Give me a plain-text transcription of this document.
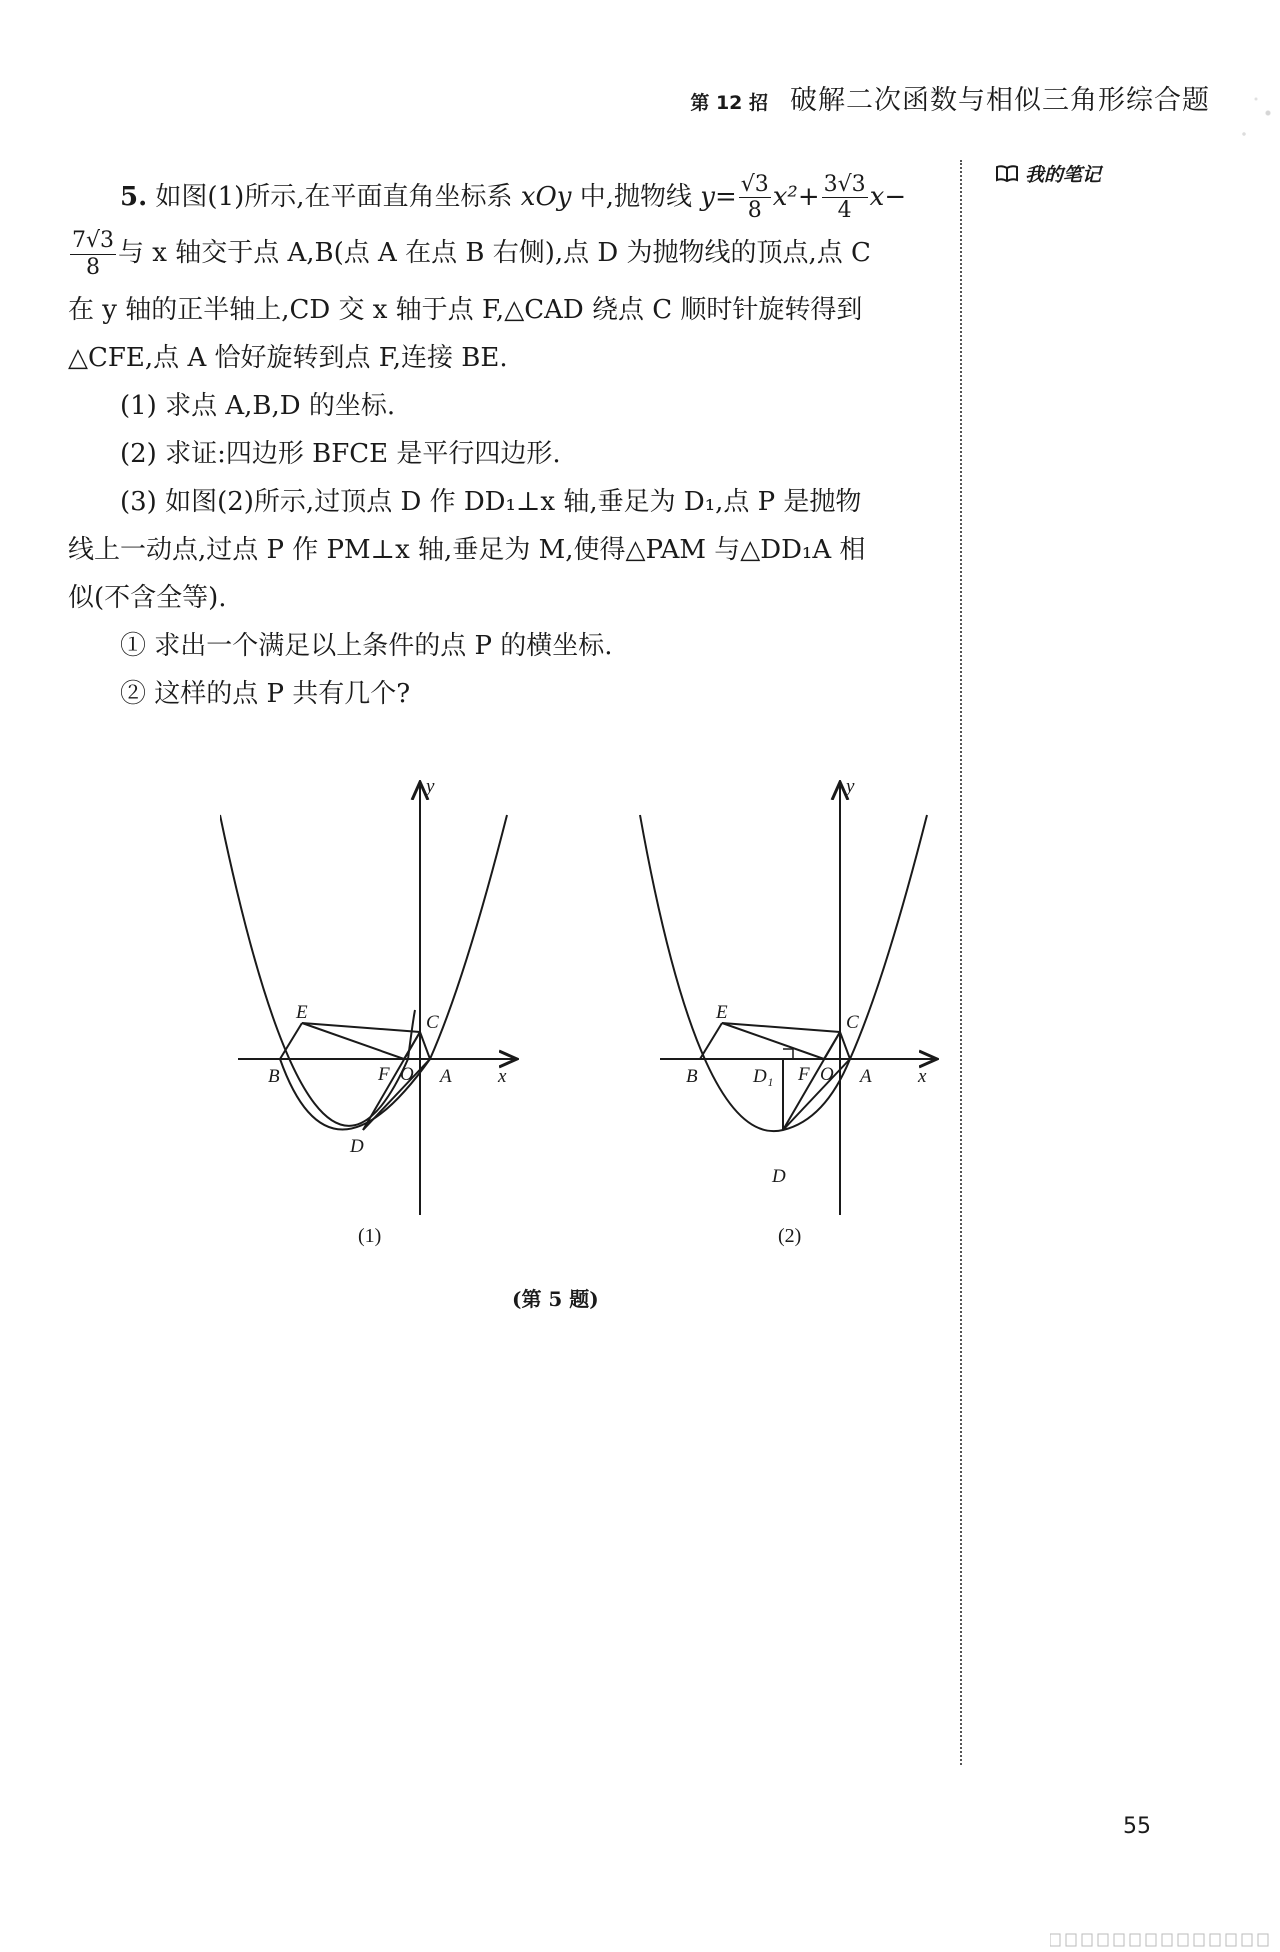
第 12 招 破解二次函数与相似三角形综合题
我的笔记
5. 如图(1)所示,在平面直角坐标系 xOy 中,抛物线 $y= \frac{√3}{8} x^2+ \frac{3√3}{4} x-$
$\frac{7√3}{8}$ 与 x 轴交于点 A,B(点 A 在点 B 右侧),点 D 为抛物线的顶点,点 C
在 y 轴的正半轴上,CD 交 x 轴于点 F,△CAD 绕点 C 顺时针旋转得到
△CFE,点 A 恰好旋转到点 F,连接 BE.
(1) 求点 A,B,D 的坐标.
(2) 求证:四边形 BFCE 是平行四边形.
(3) 如图(2)所示,过顶点 D 作 DD₁⊥x 轴,垂足为 D₁,点 P 是抛物
线上一动点,过点 P 作 PM⊥x 轴,垂足为 M,使得△PAM 与△DD₁A 相
似(不含全等).
① 求出一个满足以上条件的点 P 的横坐标.
② 这样的点 P 共有几个?
y
x
E	C
B	F O A
D
y
x
E	C
B	D₁ F O A
D
(1)	(2)
(第 5 题)
55
